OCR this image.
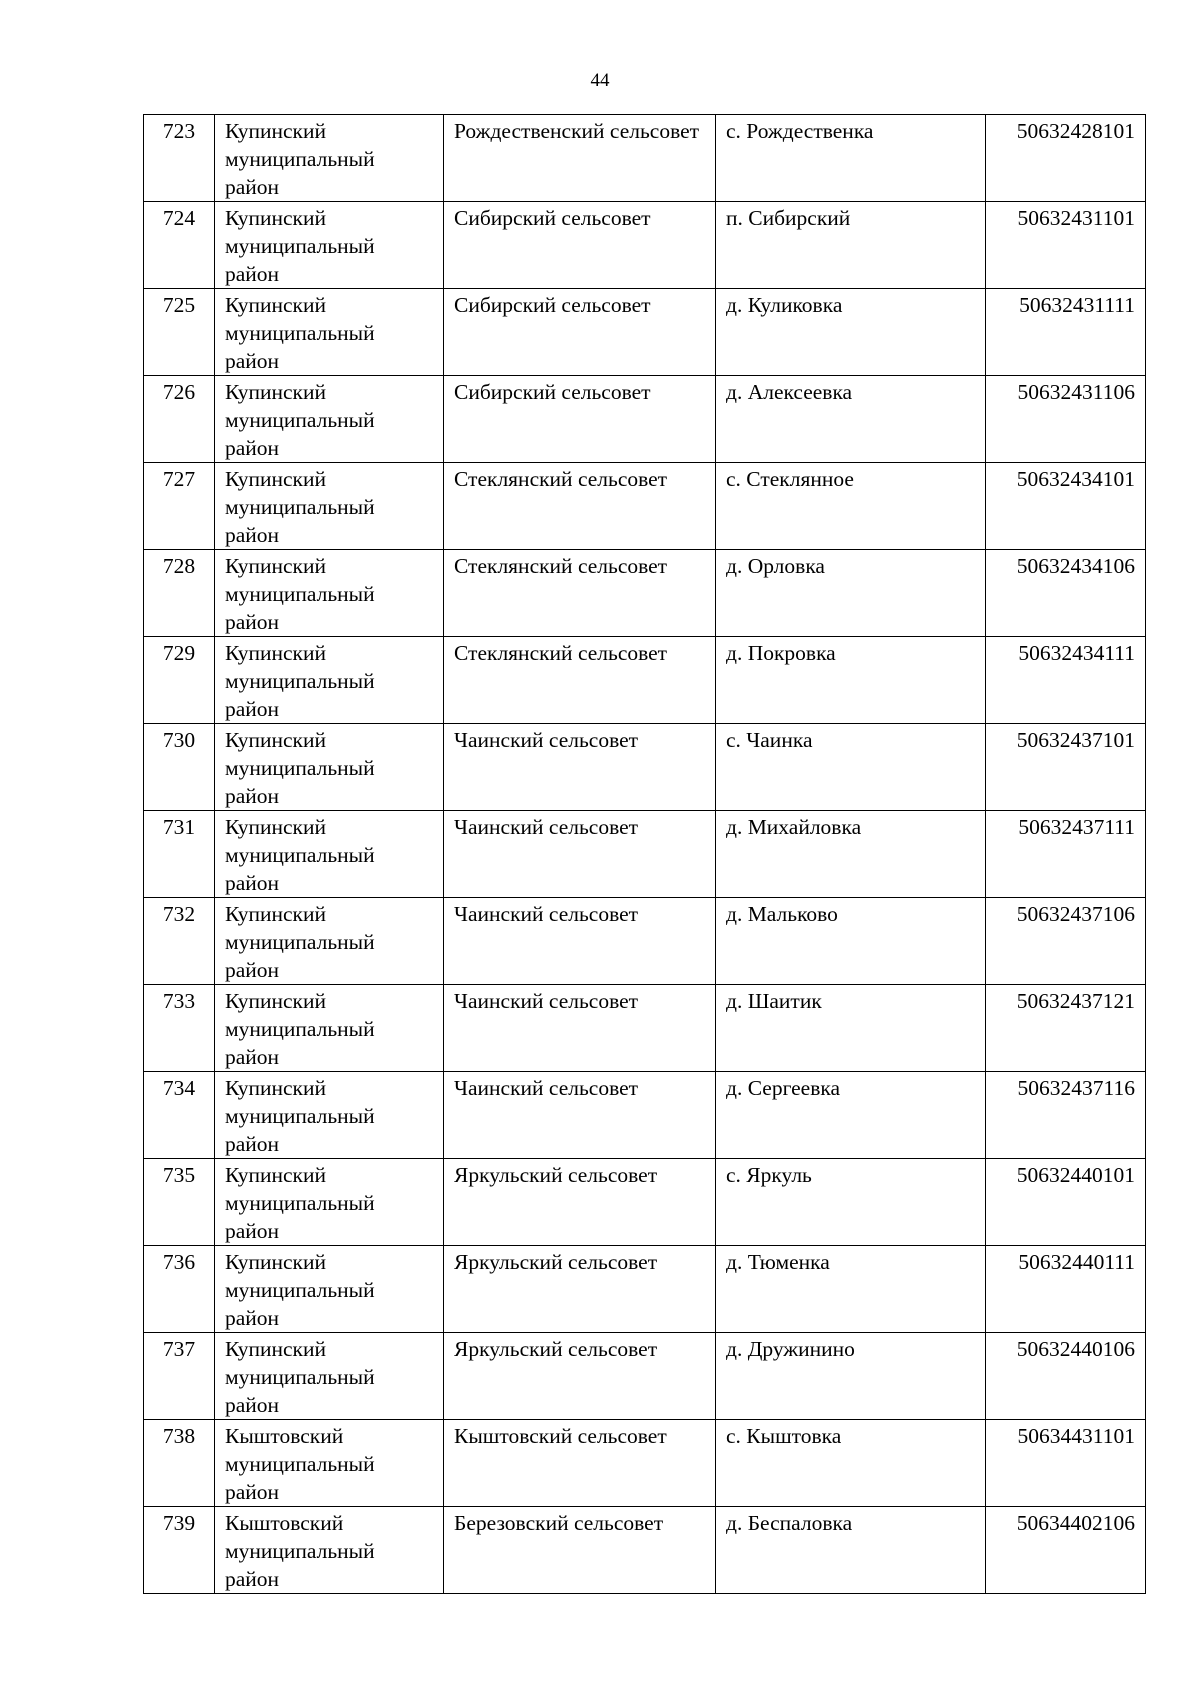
44
723	Купинский муниципальный район	Рождественский сельсовет	с. Рождественка	50632428101
724	Купинский муниципальный район	Сибирский сельсовет	п. Сибирский	50632431101
725	Купинский муниципальный район	Сибирский сельсовет	д. Куликовка	50632431111
726	Купинский муниципальный район	Сибирский сельсовет	д. Алексеевка	50632431106
727	Купинский муниципальный район	Стеклянский сельсовет	с. Стеклянное	50632434101
728	Купинский муниципальный район	Стеклянский сельсовет	д. Орловка	50632434106
729	Купинский муниципальный район	Стеклянский сельсовет	д. Покровка	50632434111
730	Купинский муниципальный район	Чаинский сельсовет	с. Чаинка	50632437101
731	Купинский муниципальный район	Чаинский сельсовет	д. Михайловка	50632437111
732	Купинский муниципальный район	Чаинский сельсовет	д. Мальково	50632437106
733	Купинский муниципальный район	Чаинский сельсовет	д. Шаитик	50632437121
734	Купинский муниципальный район	Чаинский сельсовет	д. Сергеевка	50632437116
735	Купинский муниципальный район	Яркульский сельсовет	с. Яркуль	50632440101
736	Купинский муниципальный район	Яркульский сельсовет	д. Тюменка	50632440111
737	Купинский муниципальный район	Яркульский сельсовет	д. Дружинино	50632440106
738	Кыштовский муниципальный район	Кыштовский сельсовет	с. Кыштовка	50634431101
739	Кыштовский муниципальный район	Березовский сельсовет	д. Беспаловка	50634402106
